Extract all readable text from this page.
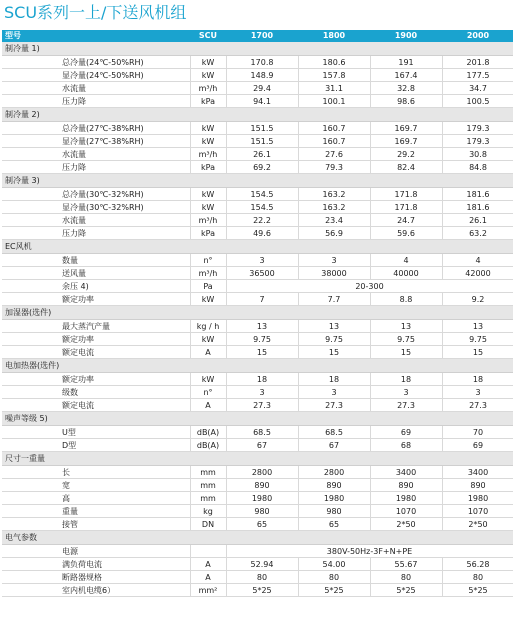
SCU系列一上/下送风机组
型号	SCU	1700	1800	1900	2000
制冷量 1)
总冷量(24℃-50%RH)	kW	170.8	180.6	191	201.8
显冷量(24℃-50%RH)	kW	148.9	157.8	167.4	177.5
水流量	m³/h	29.4	31.1	32.8	34.7
压力降	kPa	94.1	100.1	98.6	100.5
制冷量 2)
总冷量(27℃-38%RH)	kW	151.5	160.7	169.7	179.3
显冷量(27℃-38%RH)	kW	151.5	160.7	169.7	179.3
水流量	m³/h	26.1	27.6	29.2	30.8
压力降	kPa	69.2	79.3	82.4	84.8
制冷量 3)
总冷量(30℃-32%RH)	kW	154.5	163.2	171.8	181.6
显冷量(30℃-32%RH)	kW	154.5	163.2	171.8	181.6
水流量	m³/h	22.2	23.4	24.7	26.1
压力降	kPa	49.6	56.9	59.6	63.2
EC风机
数量	n°	3	3	4	4
送风量	m³/h	36500	38000	40000	42000
余压 4)	Pa	20-300
额定功率	kW	7	7.7	8.8	9.2
加湿器(选件)
最大蒸汽产量	kg / h	13	13	13	13
额定功率	kW	9.75	9.75	9.75	9.75
额定电流	A	15	15	15	15
电加热器(选件)
额定功率	kW	18	18	18	18
级数	n°	3	3	3	3
额定电流	A	27.3	27.3	27.3	27.3
噪声等级 5)
U型	dB(A)	68.5	68.5	69	70
D型	dB(A)	67	67	68	69
尺寸一重量
长	mm	2800	2800	3400	3400
宽	mm	890	890	890	890
高	mm	1980	1980	1980	1980
重量	kg	980	980	1070	1070
接管	DN	65	65	2*50	2*50
电气参数
电源	380V-50Hz-3F+N+PE
满负荷电流	A	52.94	54.00	55.67	56.28
断路器规格	A	80	80	80	80
室内机电缆6）	mm²	5*25	5*25	5*25	5*25
